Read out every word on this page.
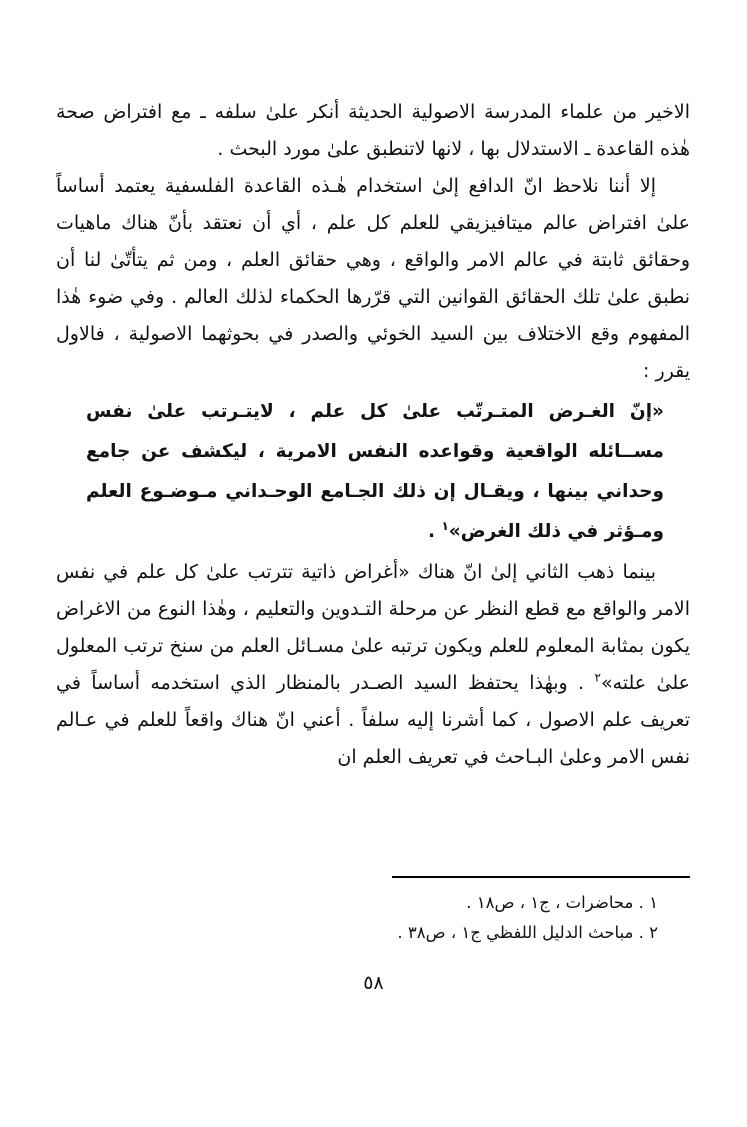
الاخير من علماء المدرسة الاصولية الحديثة أنكر علىٰ سلفه ـ مع افتراض صحة هٰذه القاعدة ـ الاستدلال بها ، لانها لاتنطبق علىٰ مورد البحث .

إلا أننا نلاحظ انّ الدافع إلىٰ استخدام هٰـذه القاعدة الفلسفية يعتمد أساساً علىٰ افتراض عالم ميتافيزيقي للعلم كل علم ، أي أن نعتقد بأنّ هناك ماهيات وحقائق ثابتة في عالم الامر والواقع ، وهي حقائق العلم ، ومن ثم يتأتّىٰ لنا أن نطبق علىٰ تلك الحقائق القوانين التي قرّرها الحكماء لذلك العالم . وفي ضوء هٰذا المفهوم وقع الاختلاف بين السيد الخوئي والصدر في بحوثهما الاصولية ، فالاول يقرر :

«إنّ الغـرض المتـرتّب علىٰ كل علم ، لايتـرتب علىٰ نفس مســائله الواقعية وقواعده النفس الامرية ، ليكشف عن جامع وحداني بينها ، ويقـال إن ذلك الجـامع الوحـداني مـوضـوع العلم ومـؤثر في ذلك الغرض»$^١$ .

بينما ذهب الثاني إلىٰ انّ هناك «أغراض ذاتية تترتب علىٰ كل علم في نفس الامر والواقع مع قطع النظر عن مرحلة التـدوين والتعليم ، وهٰذا النوع من الاغراض يكون بمثابة المعلوم للعلم ويكون ترتبه علىٰ مسـائل العلم من سنخ ترتب المعلول علىٰ علته»$^٢$ . وبهٰذا يحتفظ السيد الصـدر بالمنظار الذي استخدمه أساساً في تعريف علم الاصول ، كما أشرنا إليه سلفاً . أعني انّ هناك واقعاً للعلم في عـالم نفس الامر وعلىٰ البـاحث في تعريف العلم ان

١ . محاضرات ، ج١ ، ص١٨ .

٢ . مباحث الدليل اللفظي ج١ ، ص٣٨ .

٥٨
